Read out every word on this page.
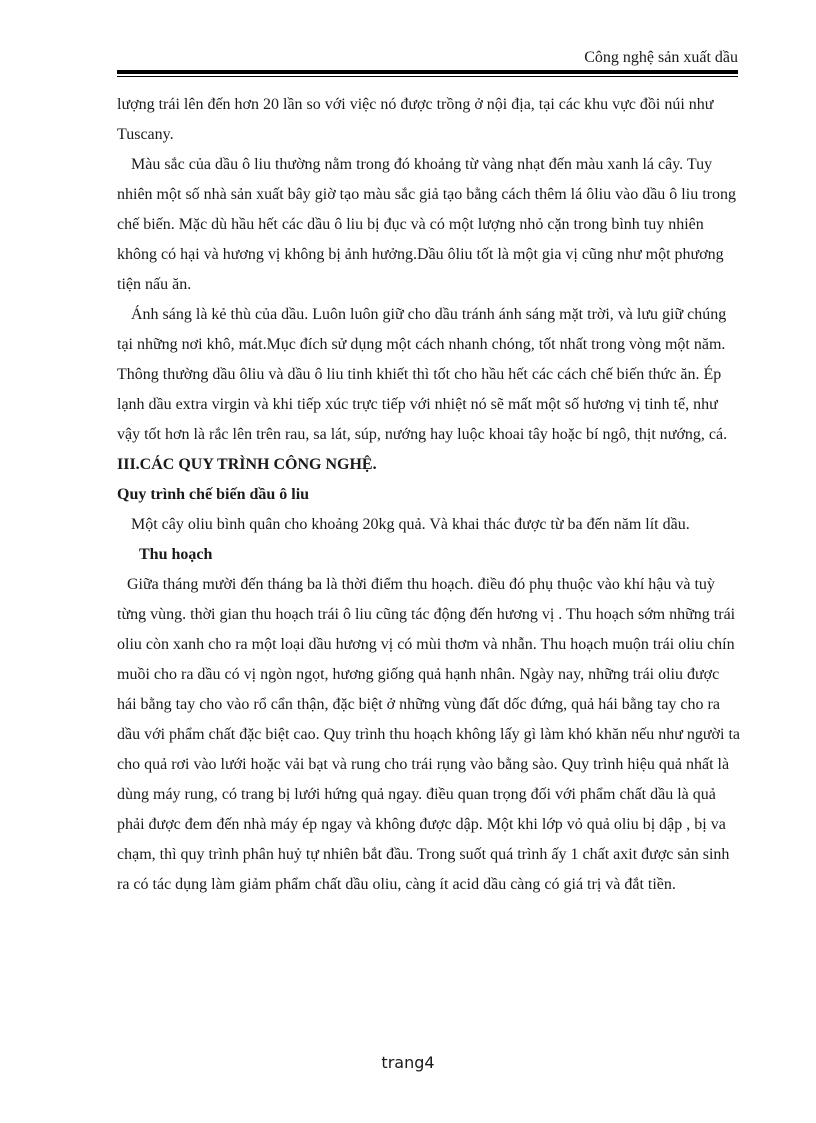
Công nghệ sản xuất dầu

lượng trái lên đến hơn 20 lần so với việc nó được trồng ở nội địa, tại các khu vực đồi núi như Tuscany.

Màu sắc của dầu ô liu thường nằm trong đó khoảng từ vàng nhạt đến màu xanh lá cây. Tuy nhiên một số nhà sản xuất bây giờ tạo màu sắc giả tạo bằng cách thêm lá ôliu vào dầu ô liu trong chế biến. Mặc dù hầu hết các dầu ô liu bị đục và có một lượng nhỏ cặn trong bình tuy nhiên không có hại và hương vị không bị ảnh hưởng.Dầu ôliu tốt là một gia vị cũng như một phương tiện nấu ăn.

Ánh sáng là kẻ thù của dầu. Luôn luôn giữ cho dầu tránh ánh sáng mặt trời, và lưu giữ chúng tại những nơi khô, mát.Mục đích sử dụng một cách nhanh chóng, tốt nhất trong vòng một năm. Thông thường dầu ôliu và dầu ô liu tinh khiết thì tốt cho hầu hết các cách chế biến thức ăn. Ép lạnh dầu extra virgin và khi tiếp xúc trực tiếp với nhiệt nó sẽ mất một số hương vị tinh tế, như vậy tốt hơn là rắc lên trên rau, sa lát, súp, nướng hay luộc khoai tây hoặc bí ngô, thịt nướng, cá.

III.CÁC QUY TRÌNH CÔNG NGHỆ.

Quy trình chế biến dầu ô liu

Một cây oliu bình quân cho khoảng 20kg quả. Và khai thác được từ ba đến năm lít dầu.

Thu hoạch

Giữa tháng mười đến tháng ba là thời điểm thu hoạch. điều đó phụ thuộc vào khí hậu và tuỳ từng vùng. thời gian thu hoạch trái ô liu cũng tác động đến hương vị . Thu hoạch sớm những trái oliu còn xanh cho ra một loại dầu hương vị có mùi thơm và nhẫn. Thu hoạch muộn trái oliu chín muồi cho ra dầu có vị ngòn ngọt, hương giống quả hạnh nhân. Ngày nay, những trái oliu được hái bằng tay cho vào rổ cẩn thận, đặc biệt ở những vùng đất dốc đứng, quả hái bằng tay cho ra dầu với phẩm chất đặc biệt cao. Quy trình thu hoạch không lấy gì làm khó khăn nếu như người ta cho quả rơi vào lưới hoặc vải bạt và rung cho trái rụng vào bằng sào. Quy trình hiệu quả nhất là dùng máy rung, có trang bị lưới hứng quả ngay. điều quan trọng đối với phẩm chất dầu là quả phải được đem đến nhà máy ép ngay và không được dập. Một khi lớp vỏ quả oliu bị dập , bị va chạm, thì quy trình phân huỷ tự nhiên bắt đầu. Trong suốt quá trình ấy 1 chất axit được sản sinh ra có tác dụng làm giảm phẩm chất dầu oliu, càng ít acid dầu càng có giá trị và đắt tiền.

trang4
